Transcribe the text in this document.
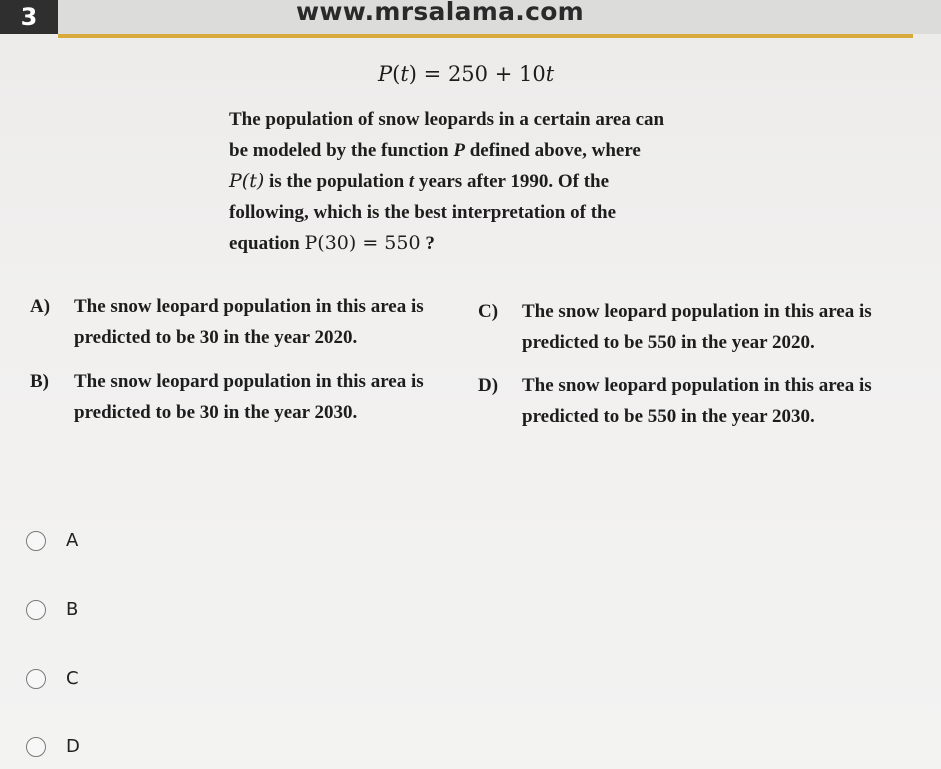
3	www.mrsalama.com
P(t) = 250 + 10t
The population of snow leopards in a certain area can
be modeled by the function P defined above, where
P(t) is the population t years after 1990. Of the
following, which is the best interpretation of the
equation P(30) = 550 ?
A) The snow leopard population in this area is predicted to be 30 in the year 2020.
B) The snow leopard population in this area is predicted to be 30 in the year 2030.
C) The snow leopard population in this area is predicted to be 550 in the year 2020.
D) The snow leopard population in this area is predicted to be 550 in the year 2030.
A
B
C
D
